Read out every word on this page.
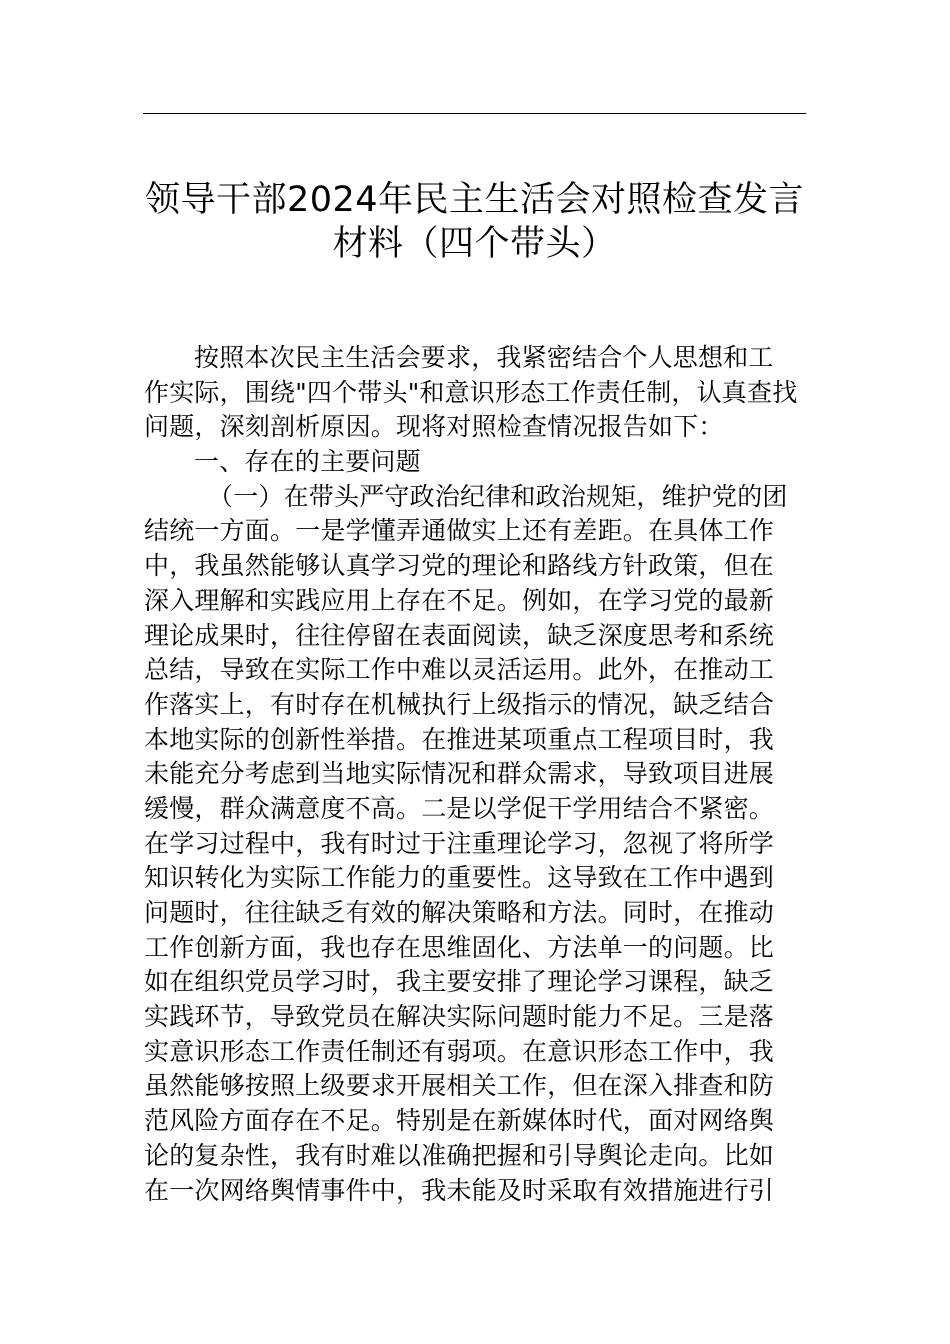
领导干部2024年民主生活会对照检查发言
材料（四个带头）
按照本次民主生活会要求，我紧密结合个人思想和工
作实际，围绕"四个带头"和意识形态工作责任制，认真查找
问题，深刻剖析原因。现将对照检查情况报告如下：
一、存在的主要问题
（一）在带头严守政治纪律和政治规矩，维护党的团
结统一方面。一是学懂弄通做实上还有差距。在具体工作
中，我虽然能够认真学习党的理论和路线方针政策，但在
深入理解和实践应用上存在不足。例如，在学习党的最新
理论成果时，往往停留在表面阅读，缺乏深度思考和系统
总结，导致在实际工作中难以灵活运用。此外，在推动工
作落实上，有时存在机械执行上级指示的情况，缺乏结合
本地实际的创新性举措。在推进某项重点工程项目时，我
未能充分考虑到当地实际情况和群众需求，导致项目进展
缓慢，群众满意度不高。二是以学促干学用结合不紧密。
在学习过程中，我有时过于注重理论学习，忽视了将所学
知识转化为实际工作能力的重要性。这导致在工作中遇到
问题时，往往缺乏有效的解决策略和方法。同时，在推动
工作创新方面，我也存在思维固化、方法单一的问题。比
如在组织党员学习时，我主要安排了理论学习课程，缺乏
实践环节，导致党员在解决实际问题时能力不足。三是落
实意识形态工作责任制还有弱项。在意识形态工作中，我
虽然能够按照上级要求开展相关工作，但在深入排查和防
范风险方面存在不足。特别是在新媒体时代，面对网络舆
论的复杂性，我有时难以准确把握和引导舆论走向。比如
在一次网络舆情事件中，我未能及时采取有效措施进行引
